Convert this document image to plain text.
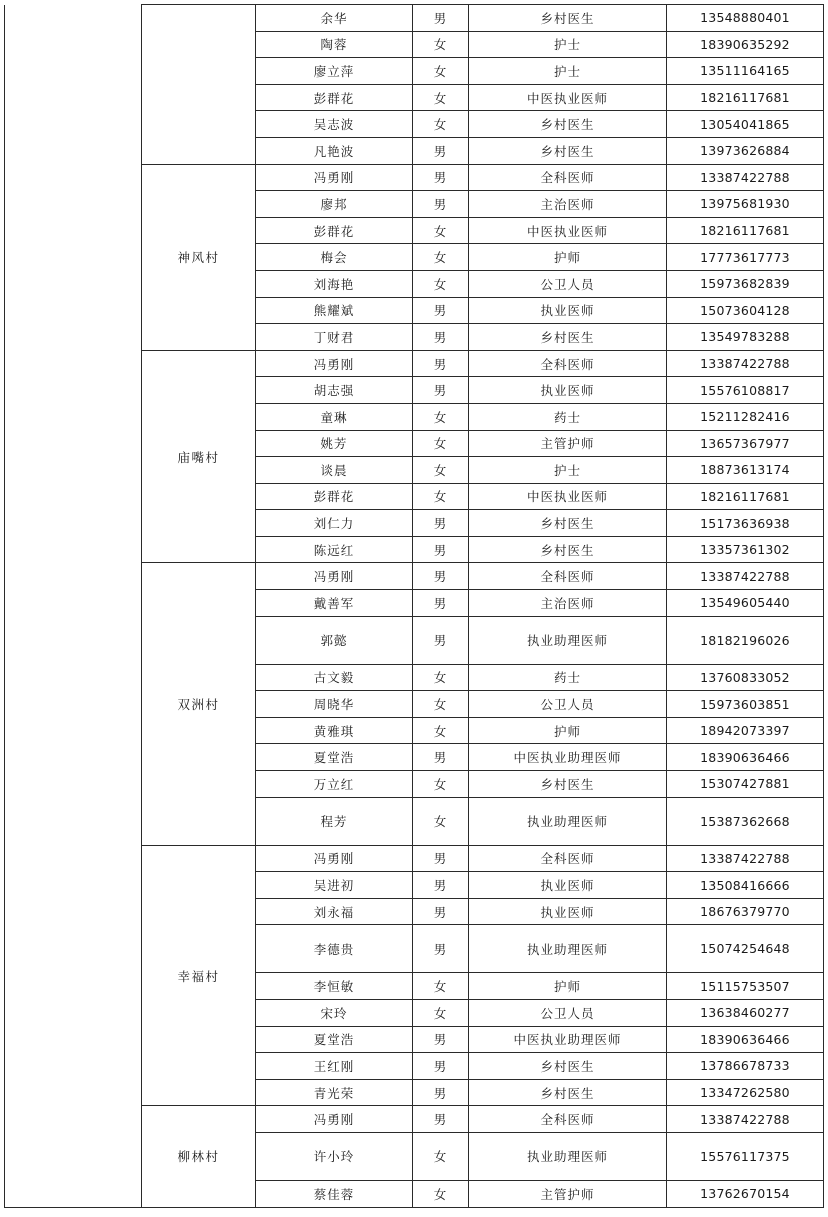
		余华	男	乡村医生	13548880401
		陶蓉	女	护士	18390635292
		廖立萍	女	护士	13511164165
		彭群花	女	中医执业医师	18216117681
		吴志波	女	乡村医生	13054041865
		凡艳波	男	乡村医生	13973626884
	神风村	冯勇刚	男	全科医师	13387422788
		廖邦	男	主治医师	13975681930
		彭群花	女	中医执业医师	18216117681
		梅会	女	护师	17773617773
		刘海艳	女	公卫人员	15973682839
		熊耀斌	男	执业医师	15073604128
		丁财君	男	乡村医生	13549783288
	庙嘴村	冯勇刚	男	全科医师	13387422788
		胡志强	男	执业医师	15576108817
		童琳	女	药士	15211282416
		姚芳	女	主管护师	13657367977
		谈晨	女	护士	18873613174
		彭群花	女	中医执业医师	18216117681
		刘仁力	男	乡村医生	15173636938
		陈远红	男	乡村医生	13357361302
	双洲村	冯勇刚	男	全科医师	13387422788
		戴善军	男	主治医师	13549605440
		郭懿	男	执业助理医师	18182196026
		古文毅	女	药士	13760833052
		周晓华	女	公卫人员	15973603851
		黄雅琪	女	护师	18942073397
		夏堂浩	男	中医执业助理医师	18390636466
		万立红	女	乡村医生	15307427881
		程芳	女	执业助理医师	15387362668
	幸福村	冯勇刚	男	全科医师	13387422788
		吴进初	男	执业医师	13508416666
		刘永福	男	执业医师	18676379770
		李德贵	男	执业助理医师	15074254648
		李恒敏	女	护师	15115753507
		宋玲	女	公卫人员	13638460277
		夏堂浩	男	中医执业助理医师	18390636466
		王红刚	男	乡村医生	13786678733
		青光荣	男	乡村医生	13347262580
	柳林村	冯勇刚	男	全科医师	13387422788
		许小玲	女	执业助理医师	15576117375
		蔡佳蓉	女	主管护师	13762670154
